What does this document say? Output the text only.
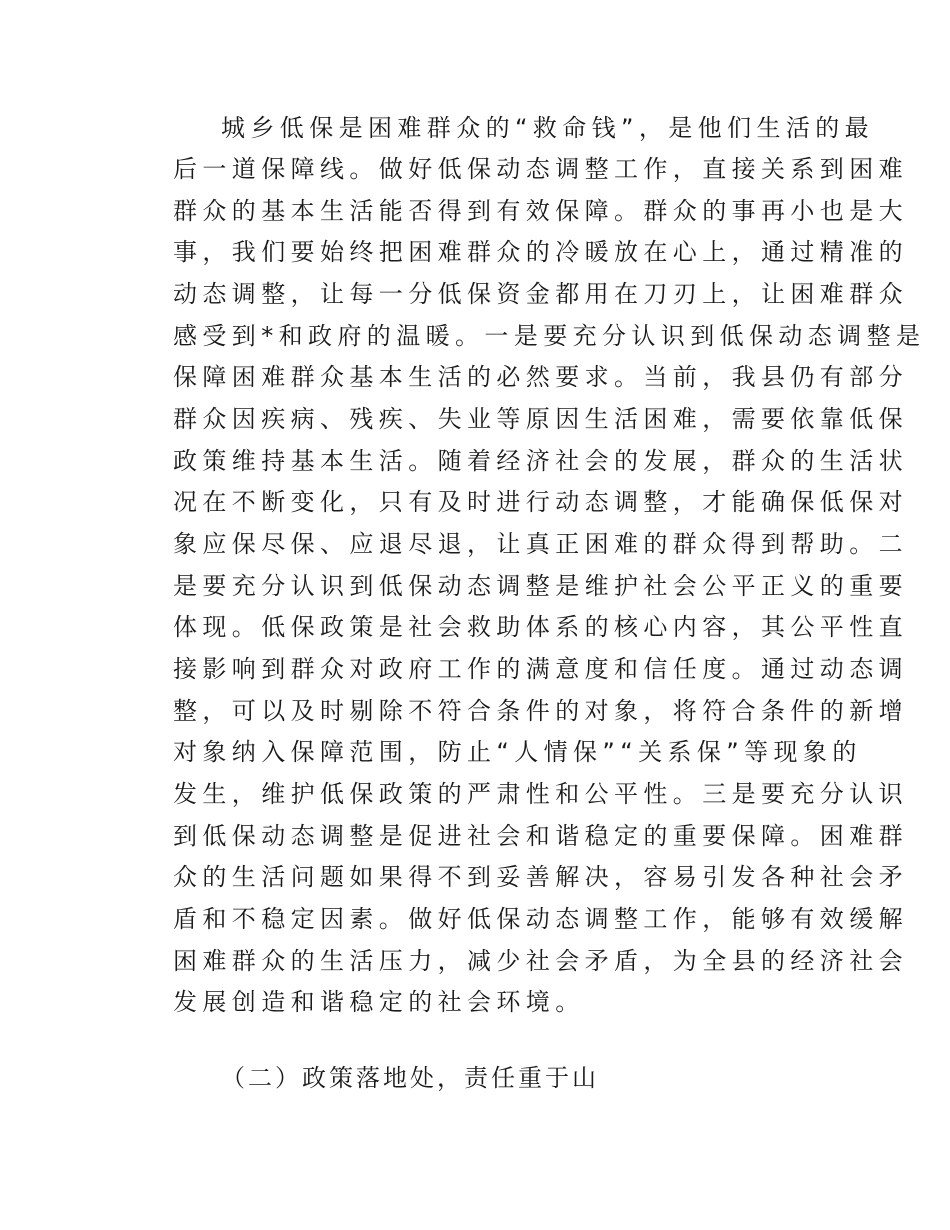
城乡低保是困难群众的“救命钱”，是他们生活的最
后一道保障线。做好低保动态调整工作，直接关系到困难
群众的基本生活能否得到有效保障。群众的事再小也是大
事，我们要始终把困难群众的冷暖放在心上，通过精准的
动态调整，让每一分低保资金都用在刀刃上，让困难群众
感受到*和政府的温暖。一是要充分认识到低保动态调整是
保障困难群众基本生活的必然要求。当前，我县仍有部分
群众因疾病、残疾、失业等原因生活困难，需要依靠低保
政策维持基本生活。随着经济社会的发展，群众的生活状
况在不断变化，只有及时进行动态调整，才能确保低保对
象应保尽保、应退尽退，让真正困难的群众得到帮助。二
是要充分认识到低保动态调整是维护社会公平正义的重要
体现。低保政策是社会救助体系的核心内容，其公平性直
接影响到群众对政府工作的满意度和信任度。通过动态调
整，可以及时剔除不符合条件的对象，将符合条件的新增
对象纳入保障范围，防止“人情保”“关系保”等现象的
发生，维护低保政策的严肃性和公平性。三是要充分认识
到低保动态调整是促进社会和谐稳定的重要保障。困难群
众的生活问题如果得不到妥善解决，容易引发各种社会矛
盾和不稳定因素。做好低保动态调整工作，能够有效缓解
困难群众的生活压力，减少社会矛盾，为全县的经济社会
发展创造和谐稳定的社会环境。
（二）政策落地处，责任重于山
